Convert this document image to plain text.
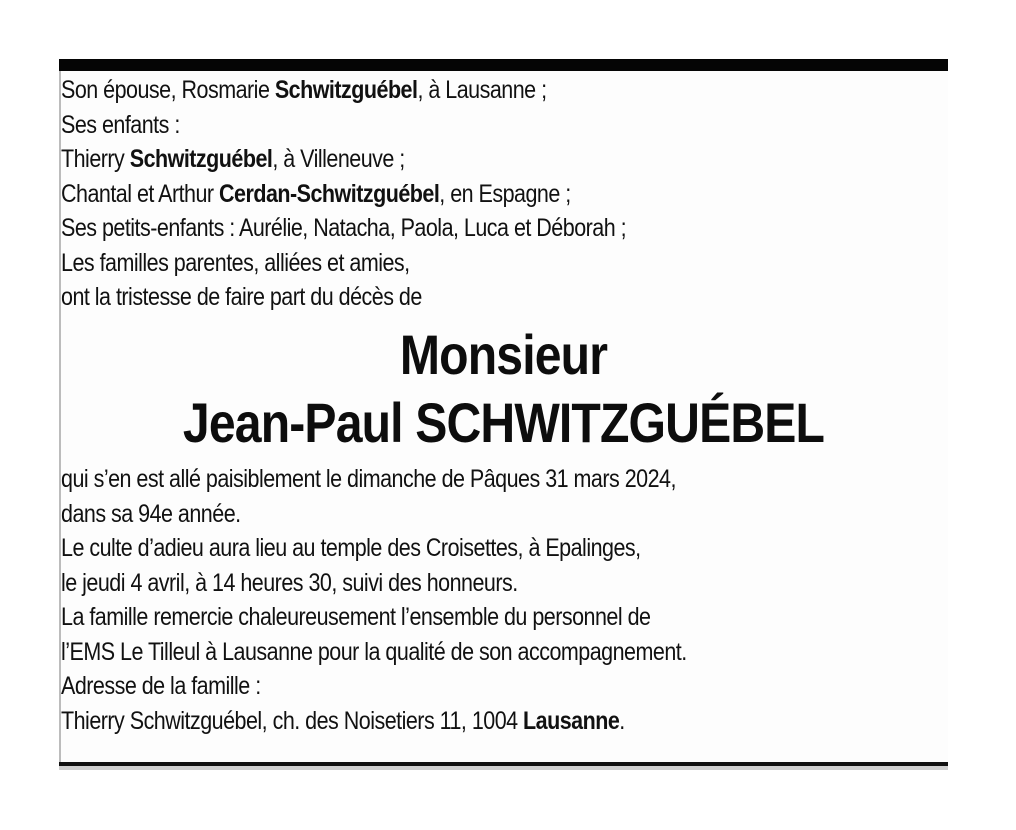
Son épouse, Rosmarie Schwitzguébel, à Lausanne ;
Ses enfants :
Thierry Schwitzguébel, à Villeneuve ;
Chantal et Arthur Cerdan-Schwitzguébel, en Espagne ;
Ses petits-enfants : Aurélie, Natacha, Paola, Luca et Déborah ;
Les familles parentes, alliées et amies,
ont la tristesse de faire part du décès de
Monsieur
Jean-Paul SCHWITZGUÉBEL
qui s’en est allé paisiblement le dimanche de Pâques 31 mars 2024,
dans sa 94e année.
Le culte d’adieu aura lieu au temple des Croisettes, à Epalinges,
le jeudi 4 avril, à 14 heures 30, suivi des honneurs.
La famille remercie chaleureusement l’ensemble du personnel de
l’EMS Le Tilleul à Lausanne pour la qualité de son accompagnement.
Adresse de la famille :
Thierry Schwitzguébel, ch. des Noisetiers 11, 1004 Lausanne.
